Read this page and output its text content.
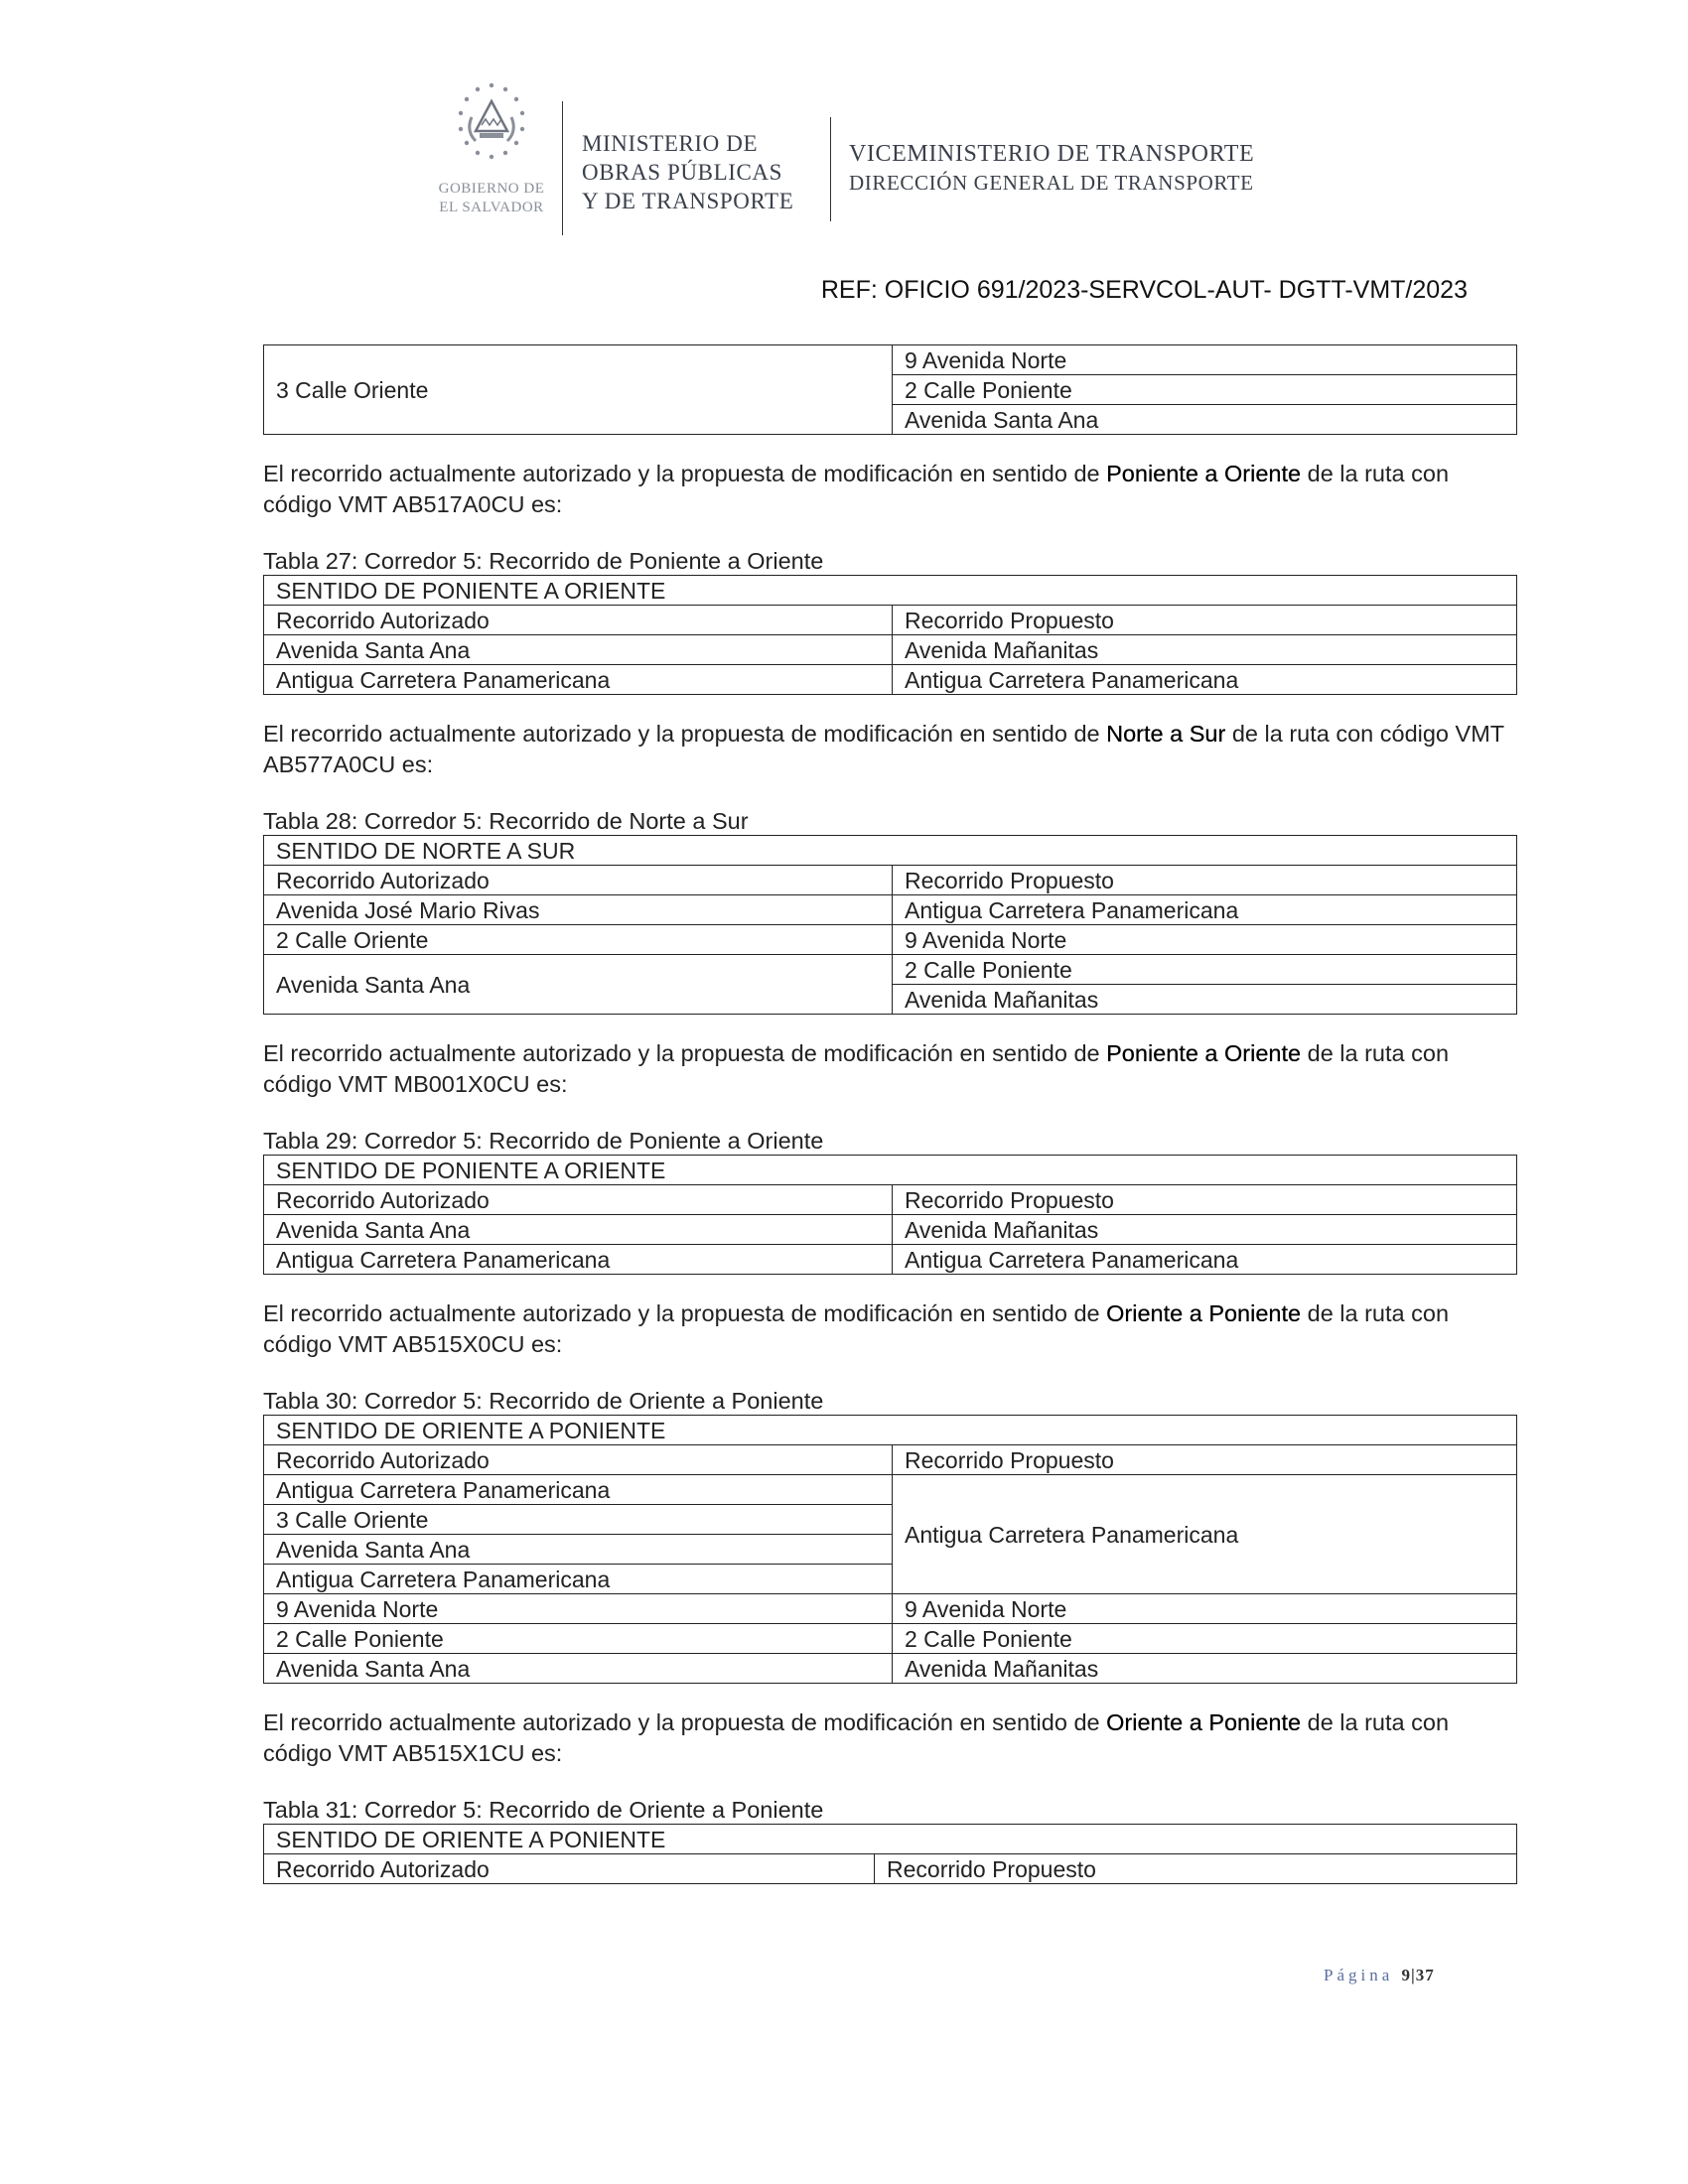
GOBIERNO DE
EL SALVADOR
MINISTERIO DE
OBRAS PÚBLICAS
Y DE TRANSPORTE
VICEMINISTERIO DE TRANSPORTE
DIRECCIÓN GENERAL DE TRANSPORTE
REF: OFICIO 691/2023-SERVCOL-AUT- DGTT-VMT/2023
3 Calle Oriente	9 Avenida Norte
2 Calle Poniente
Avenida Santa Ana

El recorrido actualmente autorizado y la propuesta de modificación en sentido de Poniente a Oriente de la ruta con código VMT AB517A0CU es:

Tabla 27: Corredor 5: Recorrido de Poniente a Oriente

SENTIDO DE PONIENTE A ORIENTE	
Recorrido Autorizado	Recorrido Propuesto
Avenida Santa Ana	Avenida Mañanitas
Antigua Carretera Panamericana	Antigua Carretera Panamericana

El recorrido actualmente autorizado y la propuesta de modificación en sentido de Norte a Sur de la ruta con código VMT AB577A0CU es:

Tabla 28: Corredor 5: Recorrido de Norte a Sur

SENTIDO DE NORTE A SUR	
Recorrido Autorizado	Recorrido Propuesto
Avenida José Mario Rivas	Antigua Carretera Panamericana
2 Calle Oriente	9 Avenida Norte
Avenida Santa Ana	2 Calle Poniente
	Avenida Mañanitas

El recorrido actualmente autorizado y la propuesta de modificación en sentido de Poniente a Oriente de la ruta con código VMT MB001X0CU es:

Tabla 29: Corredor 5: Recorrido de Poniente a Oriente

SENTIDO DE PONIENTE A ORIENTE	
Recorrido Autorizado	Recorrido Propuesto
Avenida Santa Ana	Avenida Mañanitas
Antigua Carretera Panamericana	Antigua Carretera Panamericana

El recorrido actualmente autorizado y la propuesta de modificación en sentido de Oriente a Poniente de la ruta con código VMT AB515X0CU es:

Tabla 30: Corredor 5: Recorrido de Oriente a Poniente

SENTIDO DE ORIENTE A PONIENTE	
Recorrido Autorizado	Recorrido Propuesto
Antigua Carretera Panamericana	Antigua Carretera Panamericana
3 Calle Oriente	
Avenida Santa Ana	
Antigua Carretera Panamericana	
9 Avenida Norte	9 Avenida Norte
2 Calle Poniente	2 Calle Poniente
Avenida Santa Ana	Avenida Mañanitas

El recorrido actualmente autorizado y la propuesta de modificación en sentido de Oriente a Poniente de la ruta con código VMT AB515X1CU es:

Tabla 31: Corredor 5: Recorrido de Oriente a Poniente

SENTIDO DE ORIENTE A PONIENTE
Recorrido Autorizado	Recorrido Propuesto
Página 9|37
